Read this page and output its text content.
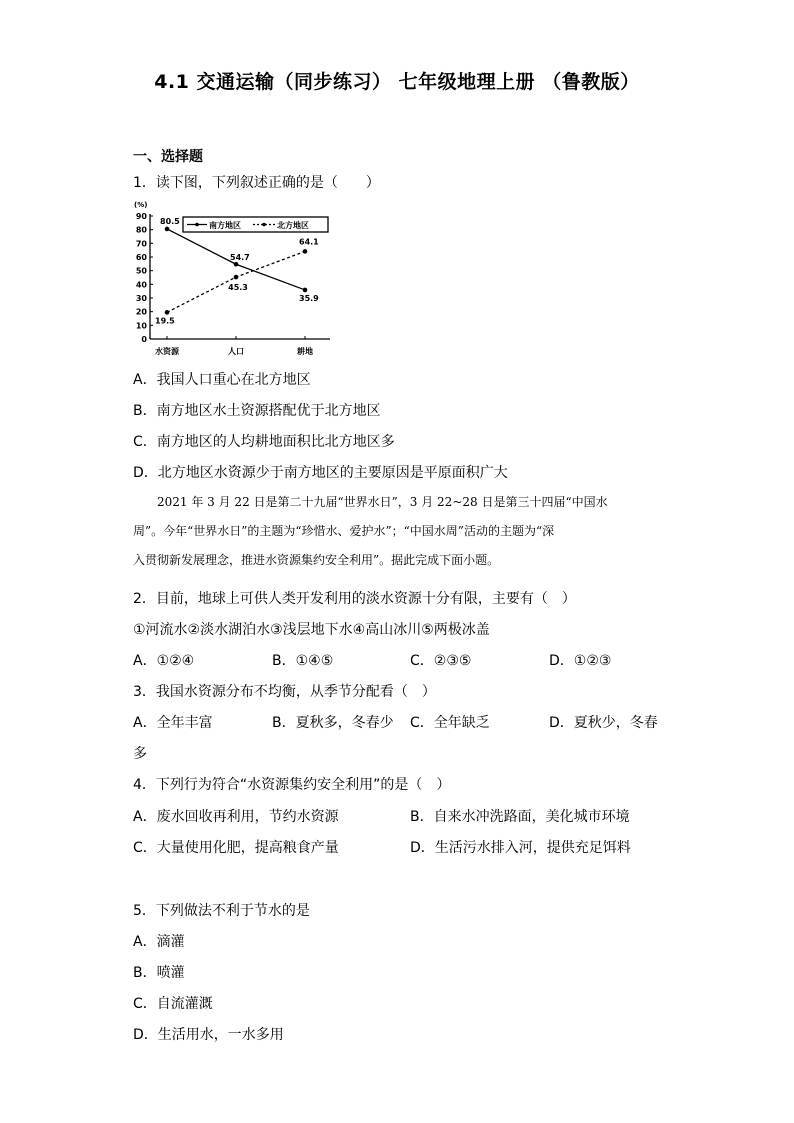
4.1 交通运输（同步练习） 七年级地理上册 （鲁教版）
一、选择题
1．读下图，下列叙述正确的是（　　）
(%)
0
10
20
30
40
50
60
70
80
90
南方地区	北方地区
80.5
54.7
35.9
19.5
45.3
64.1
水资源	人口	耕地
A．我国人口重心在北方地区
B．南方地区水土资源搭配优于北方地区
C．南方地区的人均耕地面积比北方地区多
D．北方地区水资源少于南方地区的主要原因是平原面积广大

2021 年 3 月 22 日是第二十九届“世界水日”，3 月 22~28 日是第三十四届“中国水

周”。今年“世界水日”的主题为“珍惜水、爱护水”；“中国水周”活动的主题为“深

入贯彻新发展理念，推进水资源集约安全利用”。据此完成下面小题。

2．目前，地球上可供人类开发利用的淡水资源十分有限，主要有（　）
①河流水②淡水湖泊水③浅层地下水④高山冰川⑤两极冰盖
A．①②④	B．①④⑤	C．②③⑤	D．①②③
3．我国水资源分布不均衡，从季节分配看（　）
A．全年丰富	B．夏秋多，冬春少 C．全年缺乏	D．夏秋少，冬春
多
4．下列行为符合“水资源集约安全利用”的是（　）
A．废水回收再利用，节约水资源	B．自来水冲洗路面，美化城市环境
C．大量使用化肥，提高粮食产量	D．生活污水排入河，提供充足饵料
5．下列做法不利于节水的是
A．滴灌
B．喷灌
C．自流灌溉
D．生活用水，一水多用
